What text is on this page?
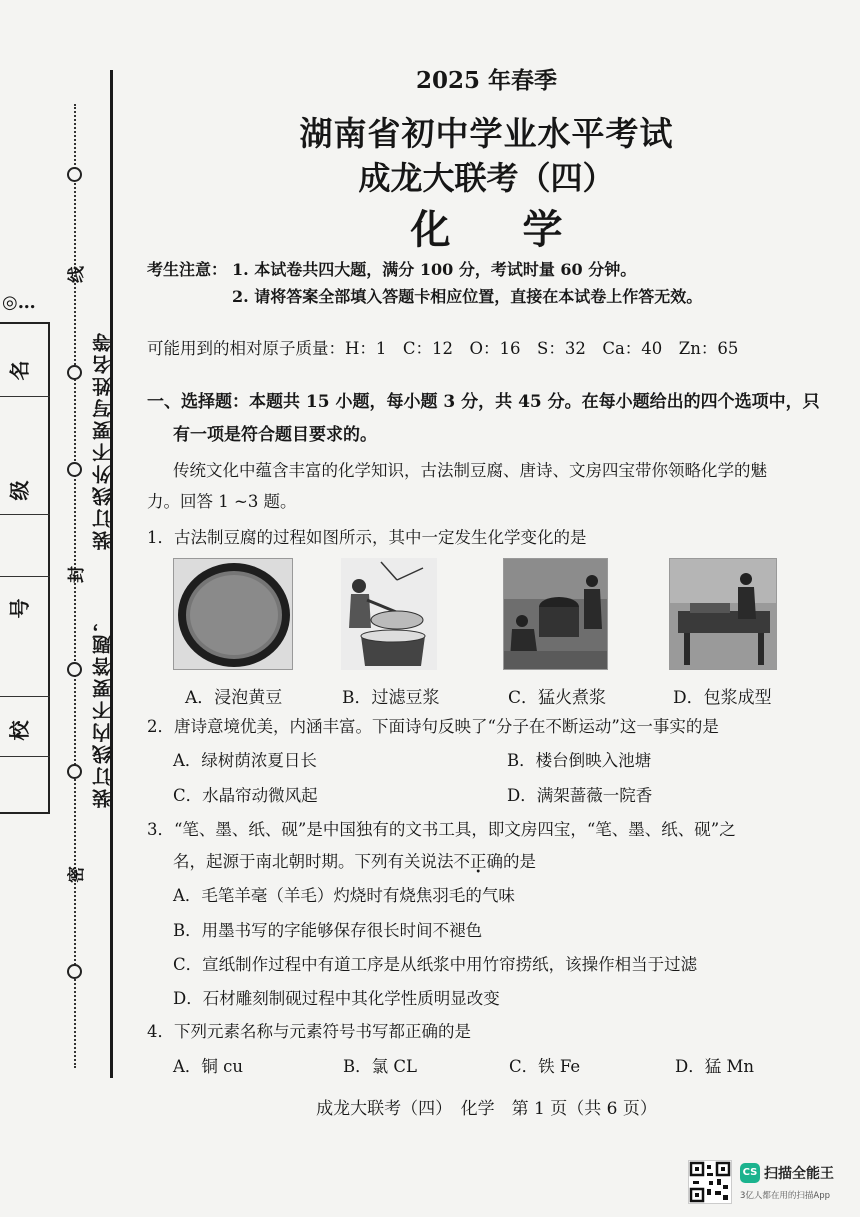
线
封
密
装订线外不要写姓名等
装订线内不要答题，
◎…
名
级
号
校
2025 年春季
湖南省初中学业水平考试
成龙大联考（四）
化学
考生注意： 1. 本试卷共四大题，满分 100 分，考试时量 60 分钟。
2. 请将答案全部填入答题卡相应位置，直接在本试卷上作答无效。
可能用到的相对原子质量：H：1　C：12　O：16　S：32　Ca：40　Zn：65
一、选择题：本题共 15 小题，每小题 3 分，共 45 分。在每小题给出的四个选项中，只
有一项是符合题目要求的。
传统文化中蕴含丰富的化学知识，古法制豆腐、唐诗、文房四宝带你领略化学的魅
力。回答 1 ~3 题。
1．古法制豆腐的过程如图所示，其中一定发生化学变化的是
A．浸泡黄豆	B．过滤豆浆	C．猛火煮浆	D．包浆成型
2．唐诗意境优美，内涵丰富。下面诗句反映了“分子在不断运动”这一事实的是
A．绿树荫浓夏日长	B．楼台倒映入池塘
C．水晶帘动微风起	D．满架蔷薇一院香
3．“笔、墨、纸、砚”是中国独有的文书工具，即文房四宝，“笔、墨、纸、砚”之
名，起源于南北朝时期。下列有关说法不正确的是
A．毛笔羊毫（羊毛）灼烧时有烧焦羽毛的气味
B．用墨书写的字能够保存很长时间不褪色
C．宣纸制作过程中有道工序是从纸浆中用竹帘捞纸，该操作相当于过滤
D．石材雕刻制砚过程中其化学性质明显改变
4．下列元素名称与元素符号书写都正确的是
A．铜 cu	B．氯 CL	C．铁 Fe	D．猛 Mn
成龙大联考（四）　化学　第 1 页（共 6 页）
CS 扫描全能王
3亿人都在用的扫描App
